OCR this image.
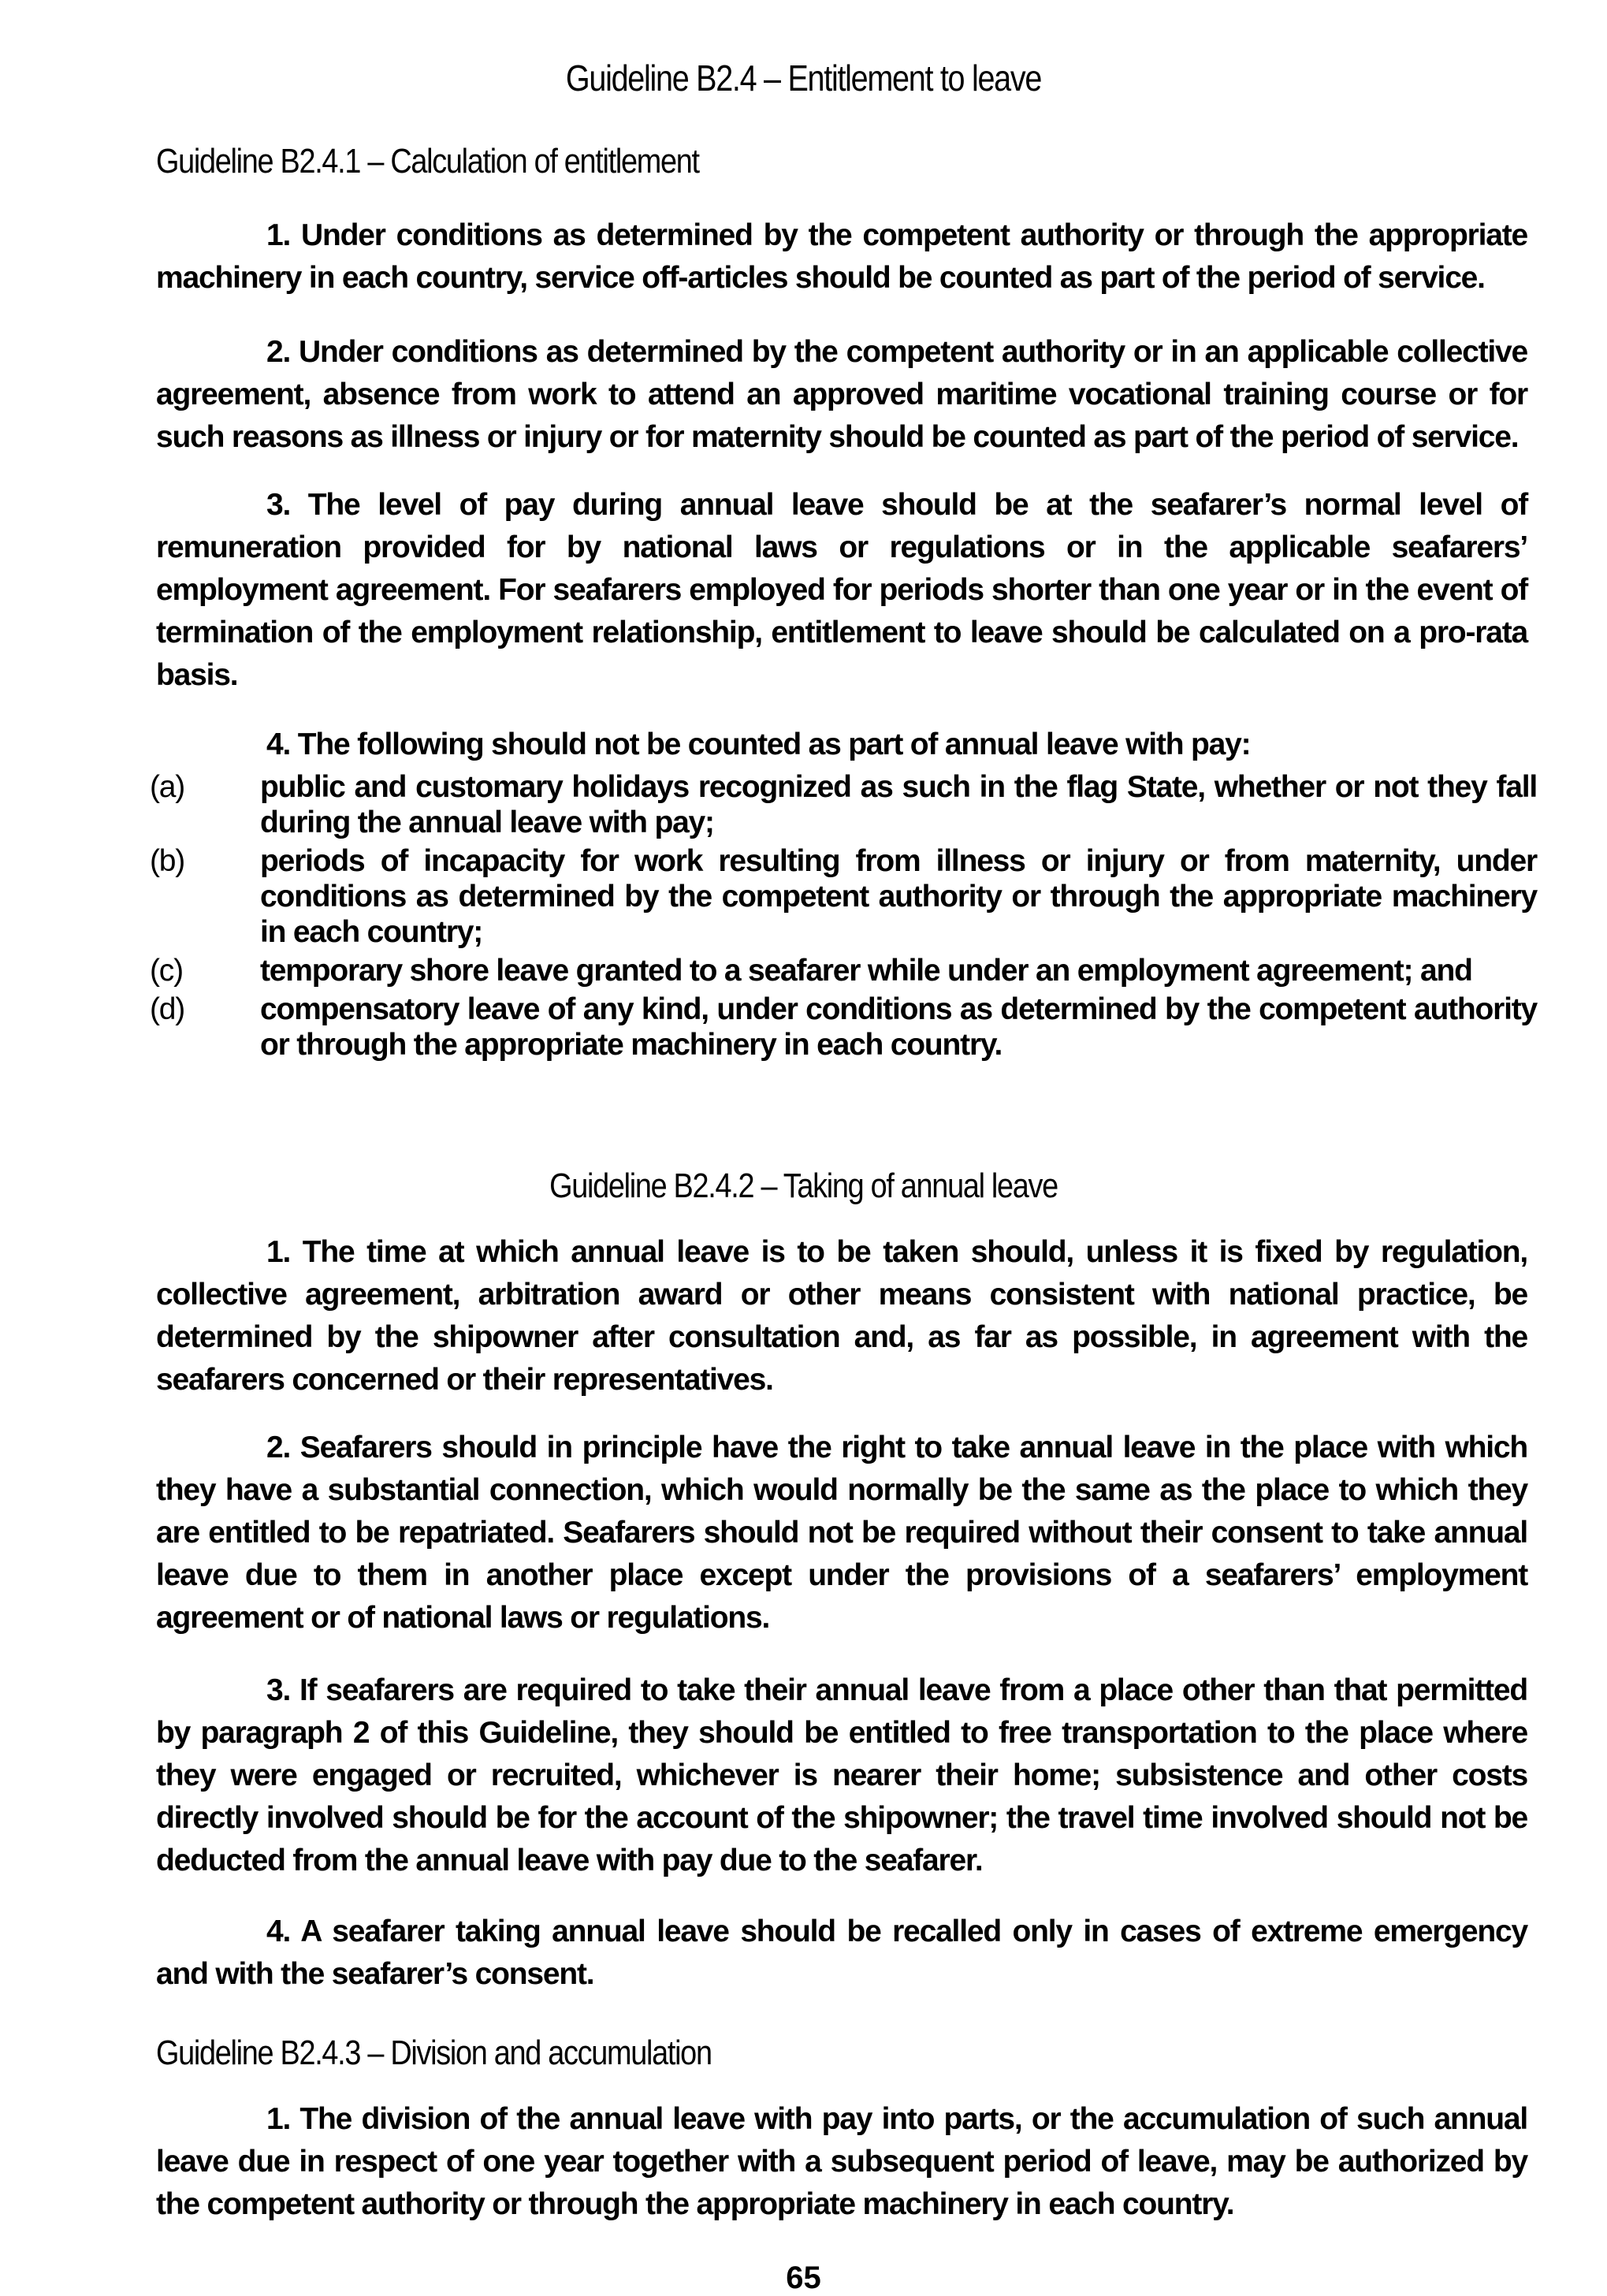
Guideline B2.4 – Entitlement to leave
Guideline B2.4.1 – Calculation of entitlement
1. Under conditions as determined by the competent authority or through the appropriate machinery in each country, service off-articles should be counted as part of the period of service.
2. Under conditions as determined by the competent authority or in an applicable collective agreement, absence from work to attend an approved maritime vocational training course or for such reasons as illness or injury or for maternity should be counted as part of the period of service.
3. The level of pay during annual leave should be at the seafarer’s normal level of remuneration provided for by national laws or regulations or in the applicable seafarers’ employment agreement. For seafarers employed for periods shorter than one year or in the event of termination of the employment relationship, entitlement to leave should be calculated on a pro-rata basis.
4. The following should not be counted as part of annual leave with pay:
(a)	public and customary holidays recognized as such in the flag State, whether or not they fall during the annual leave with pay;
(b)	periods of incapacity for work resulting from illness or injury or from maternity, under conditions as determined by the competent authority or through the appropriate machinery in each country;
(c)	temporary shore leave granted to a seafarer while under an employment agreement; and
(d)	compensatory leave of any kind, under conditions as determined by the competent authority or through the appropriate machinery in each country.
Guideline B2.4.2 – Taking of annual leave
1. The time at which annual leave is to be taken should, unless it is fixed by regulation, collective agreement, arbitration award or other means consistent with national practice, be determined by the shipowner after consultation and, as far as possible, in agreement with the seafarers concerned or their representatives.
2. Seafarers should in principle have the right to take annual leave in the place with which they have a substantial connection, which would normally be the same as the place to which they are entitled to be repatriated. Seafarers should not be required without their consent to take annual leave due to them in another place except under the provisions of a seafarers’ employment agreement or of national laws or regulations.
3. If seafarers are required to take their annual leave from a place other than that permitted by paragraph 2 of this Guideline, they should be entitled to free transportation to the place where they were engaged or recruited, whichever is nearer their home; subsistence and other costs directly involved should be for the account of the shipowner; the travel time involved should not be deducted from the annual leave with pay due to the seafarer.
4. A seafarer taking annual leave should be recalled only in cases of extreme emergency and with the seafarer’s consent.
Guideline B2.4.3 – Division and accumulation
1. The division of the annual leave with pay into parts, or the accumulation of such annual leave due in respect of one year together with a subsequent period of leave, may be authorized by the competent authority or through the appropriate machinery in each country.
65
